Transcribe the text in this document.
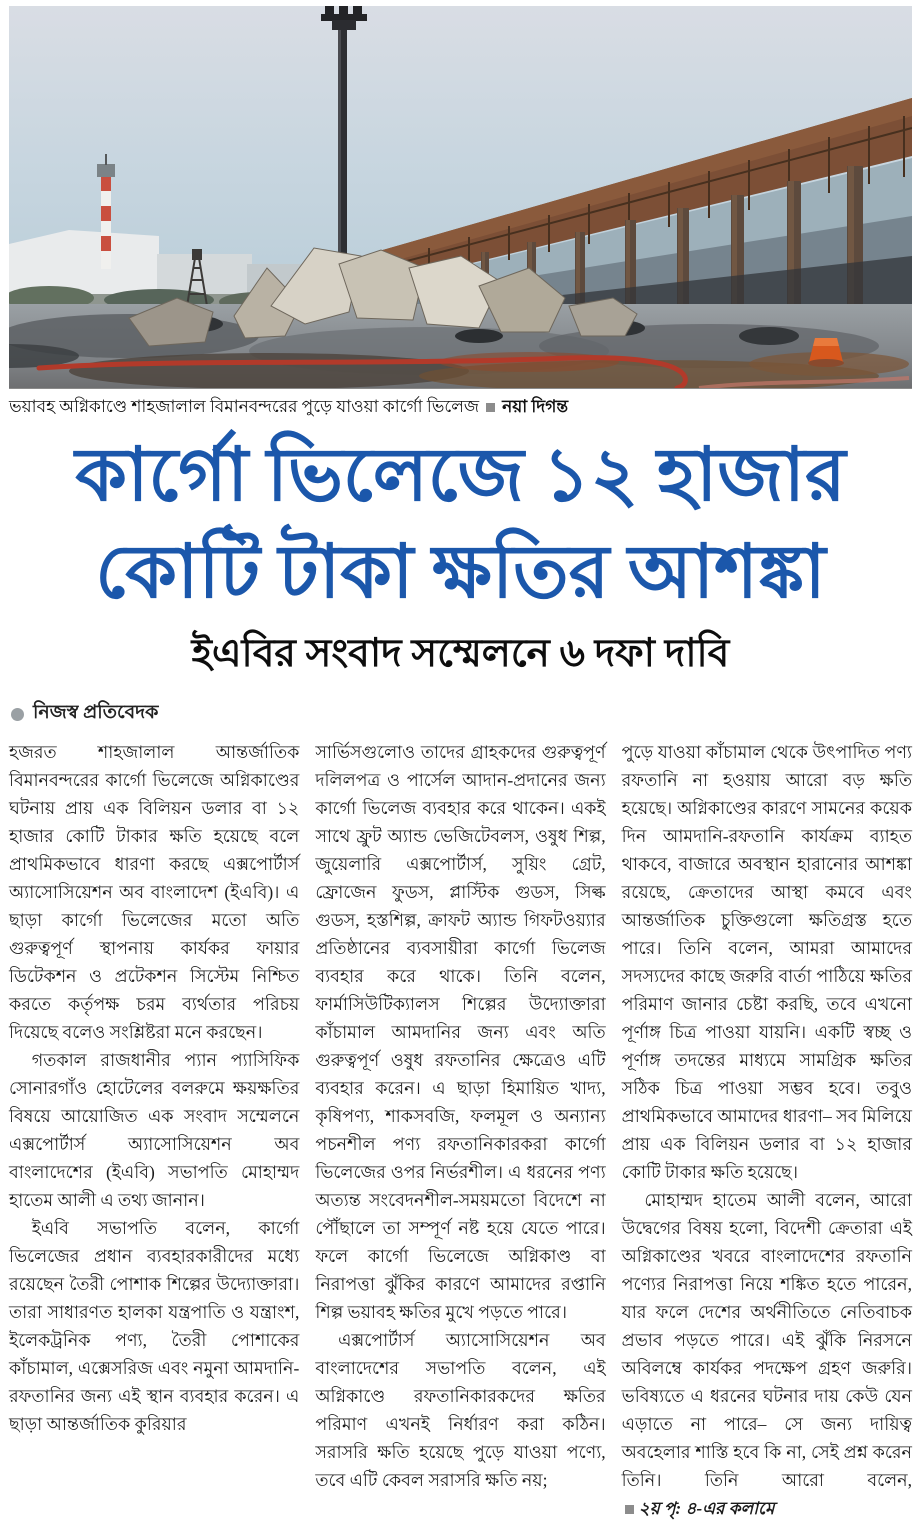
ভয়াবহ অগ্নিকাণ্ডে শাহজালাল বিমানবন্দরের পুড়ে যাওয়া কার্গো ভিলেজ নয়া দিগন্ত
কার্গো ভিলেজে ১২ হাজার
কোটি টাকা ক্ষতির আশঙ্কা
ইএবির সংবাদ সম্মেলনে ৬ দফা দাবি
নিজস্ব প্রতিবেদক

হজরত শাহজালাল আন্তর্জাতিক বিমানবন্দরের কার্গো ভিলেজে অগ্নিকাণ্ডের ঘটনায় প্রায় এক বিলিয়ন ডলার বা ১২ হাজার কোটি টাকার ক্ষতি হয়েছে বলে প্রাথমিকভাবে ধারণা করছে এক্সপোর্টার্স অ্যাসোসিয়েশন অব বাংলাদেশ (ইএবি)। এ ছাড়া কার্গো ভিলেজের মতো অতি গুরুত্বপূর্ণ স্থাপনায় কার্যকর ফায়ার ডিটেকশন ও প্রটেকশন সিস্টেম নিশ্চিত করতে কর্তৃপক্ষ চরম ব্যর্থতার পরিচয় দিয়েছে বলেও সংশ্লিষ্টরা মনে করছেন।

গতকাল রাজধানীর প্যান প্যাসিফিক সোনারগাঁও হোটেলের বলরুমে ক্ষয়ক্ষতির বিষয়ে আয়োজিত এক সংবাদ সম্মেলনে এক্সপোর্টার্স অ্যাসোসিয়েশন অব বাংলাদেশের (ইএবি) সভাপতি মোহাম্মদ হাতেম আলী এ তথ্য জানান।

ইএবি সভাপতি বলেন, কার্গো ভিলেজের প্রধান ব্যবহারকারীদের মধ্যে রয়েছেন তৈরী পোশাক শিল্পের উদ্যোক্তারা। তারা সাধারণত হালকা যন্ত্রপাতি ও যন্ত্রাংশ, ইলেকট্রনিক পণ্য, তৈরী পোশাকের কাঁচামাল, এক্সেসরিজ এবং নমুনা আমদানি-রফতানির জন্য এই স্থান ব্যবহার করেন। এ ছাড়া আন্তর্জাতিক কুরিয়ার

সার্ভিসগুলোও তাদের গ্রাহকদের গুরুত্বপূর্ণ দলিলপত্র ও পার্সেল আদান-প্রদানের জন্য কার্গো ভিলেজ ব্যবহার করে থাকেন। একই সাথে ফ্রুট অ্যান্ড ভেজিটেবলস, ওষুধ শিল্প, জুয়েলারি এক্সপোর্টার্স, সুয়িং গ্রেট, ফ্রোজেন ফুডস, প্লাস্টিক গুডস, সিল্ক গুডস, হস্তশিল্প, ক্রাফট অ্যান্ড গিফটওয়্যার প্রতিষ্ঠানের ব্যবসায়ীরা কার্গো ভিলেজ ব্যবহার করে থাকে। তিনি বলেন, ফার্মাসিউটিক্যালস শিল্পের উদ্যোক্তারা কাঁচামাল আমদানির জন্য এবং অতি গুরুত্বপূর্ণ ওষুধ রফতানির ক্ষেত্রেও এটি ব্যবহার করেন। এ ছাড়া হিমায়িত খাদ্য, কৃষিপণ্য, শাকসবজি, ফলমূল ও অন্যান্য পচনশীল পণ্য রফতানিকারকরা কার্গো ভিলেজের ওপর নির্ভরশীল। এ ধরনের পণ্য অত্যন্ত সংবেদনশীল-সময়মতো বিদেশে না পৌঁছালে তা সম্পূর্ণ নষ্ট হয়ে যেতে পারে। ফলে কার্গো ভিলেজে অগ্নিকাণ্ড বা নিরাপত্তা ঝুঁকির কারণে আমাদের রপ্তানি শিল্প ভয়াবহ ক্ষতির মুখে পড়তে পারে।

এক্সপোর্টার্স অ্যাসোসিয়েশন অব বাংলাদেশের সভাপতি বলেন, এই অগ্নিকাণ্ডে রফতানিকারকদের ক্ষতির পরিমাণ এখনই নির্ধারণ করা কঠিন। সরাসরি ক্ষতি হয়েছে পুড়ে যাওয়া পণ্যে, তবে এটি কেবল সরাসরি ক্ষতি নয়;

পুড়ে যাওয়া কাঁচামাল থেকে উৎপাদিত পণ্য রফতানি না হওয়ায় আরো বড় ক্ষতি হয়েছে। অগ্নিকাণ্ডের কারণে সামনের কয়েক দিন আমদানি-রফতানি কার্যক্রম ব্যাহত থাকবে, বাজারে অবস্থান হারানোর আশঙ্কা রয়েছে, ক্রেতাদের আস্থা কমবে এবং আন্তর্জাতিক চুক্তিগুলো ক্ষতিগ্রস্ত হতে পারে। তিনি বলেন, আমরা আমাদের সদস্যদের কাছে জরুরি বার্তা পাঠিয়ে ক্ষতির পরিমাণ জানার চেষ্টা করছি, তবে এখনো পূর্ণাঙ্গ চিত্র পাওয়া যায়নি। একটি স্বচ্ছ ও পূর্ণাঙ্গ তদন্তের মাধ্যমে সামগ্রিক ক্ষতির সঠিক চিত্র পাওয়া সম্ভব হবে। তবুও প্রাথমিকভাবে আমাদের ধারণা– সব মিলিয়ে প্রায় এক বিলিয়ন ডলার বা ১২ হাজার কোটি টাকার ক্ষতি হয়েছে।

মোহাম্মদ হাতেম আলী বলেন, আরো উদ্বেগের বিষয় হলো, বিদেশী ক্রেতারা এই অগ্নিকাণ্ডের খবরে বাংলাদেশের রফতানি পণ্যের নিরাপত্তা নিয়ে শঙ্কিত হতে পারেন, যার ফলে দেশের অর্থনীতিতে নেতিবাচক প্রভাব পড়তে পারে। এই ঝুঁকি নিরসনে অবিলম্বে কার্যকর পদক্ষেপ গ্রহণ জরুরি। ভবিষ্যতে এ ধরনের ঘটনার দায় কেউ যেন এড়াতে না পারে– সে জন্য দায়িত্ব অবহেলার শাস্তি হবে কি না, সেই প্রশ্ন করেন তিনি। তিনি আরো বলেন, ২য় পৃ: ৪-এর কলামে
